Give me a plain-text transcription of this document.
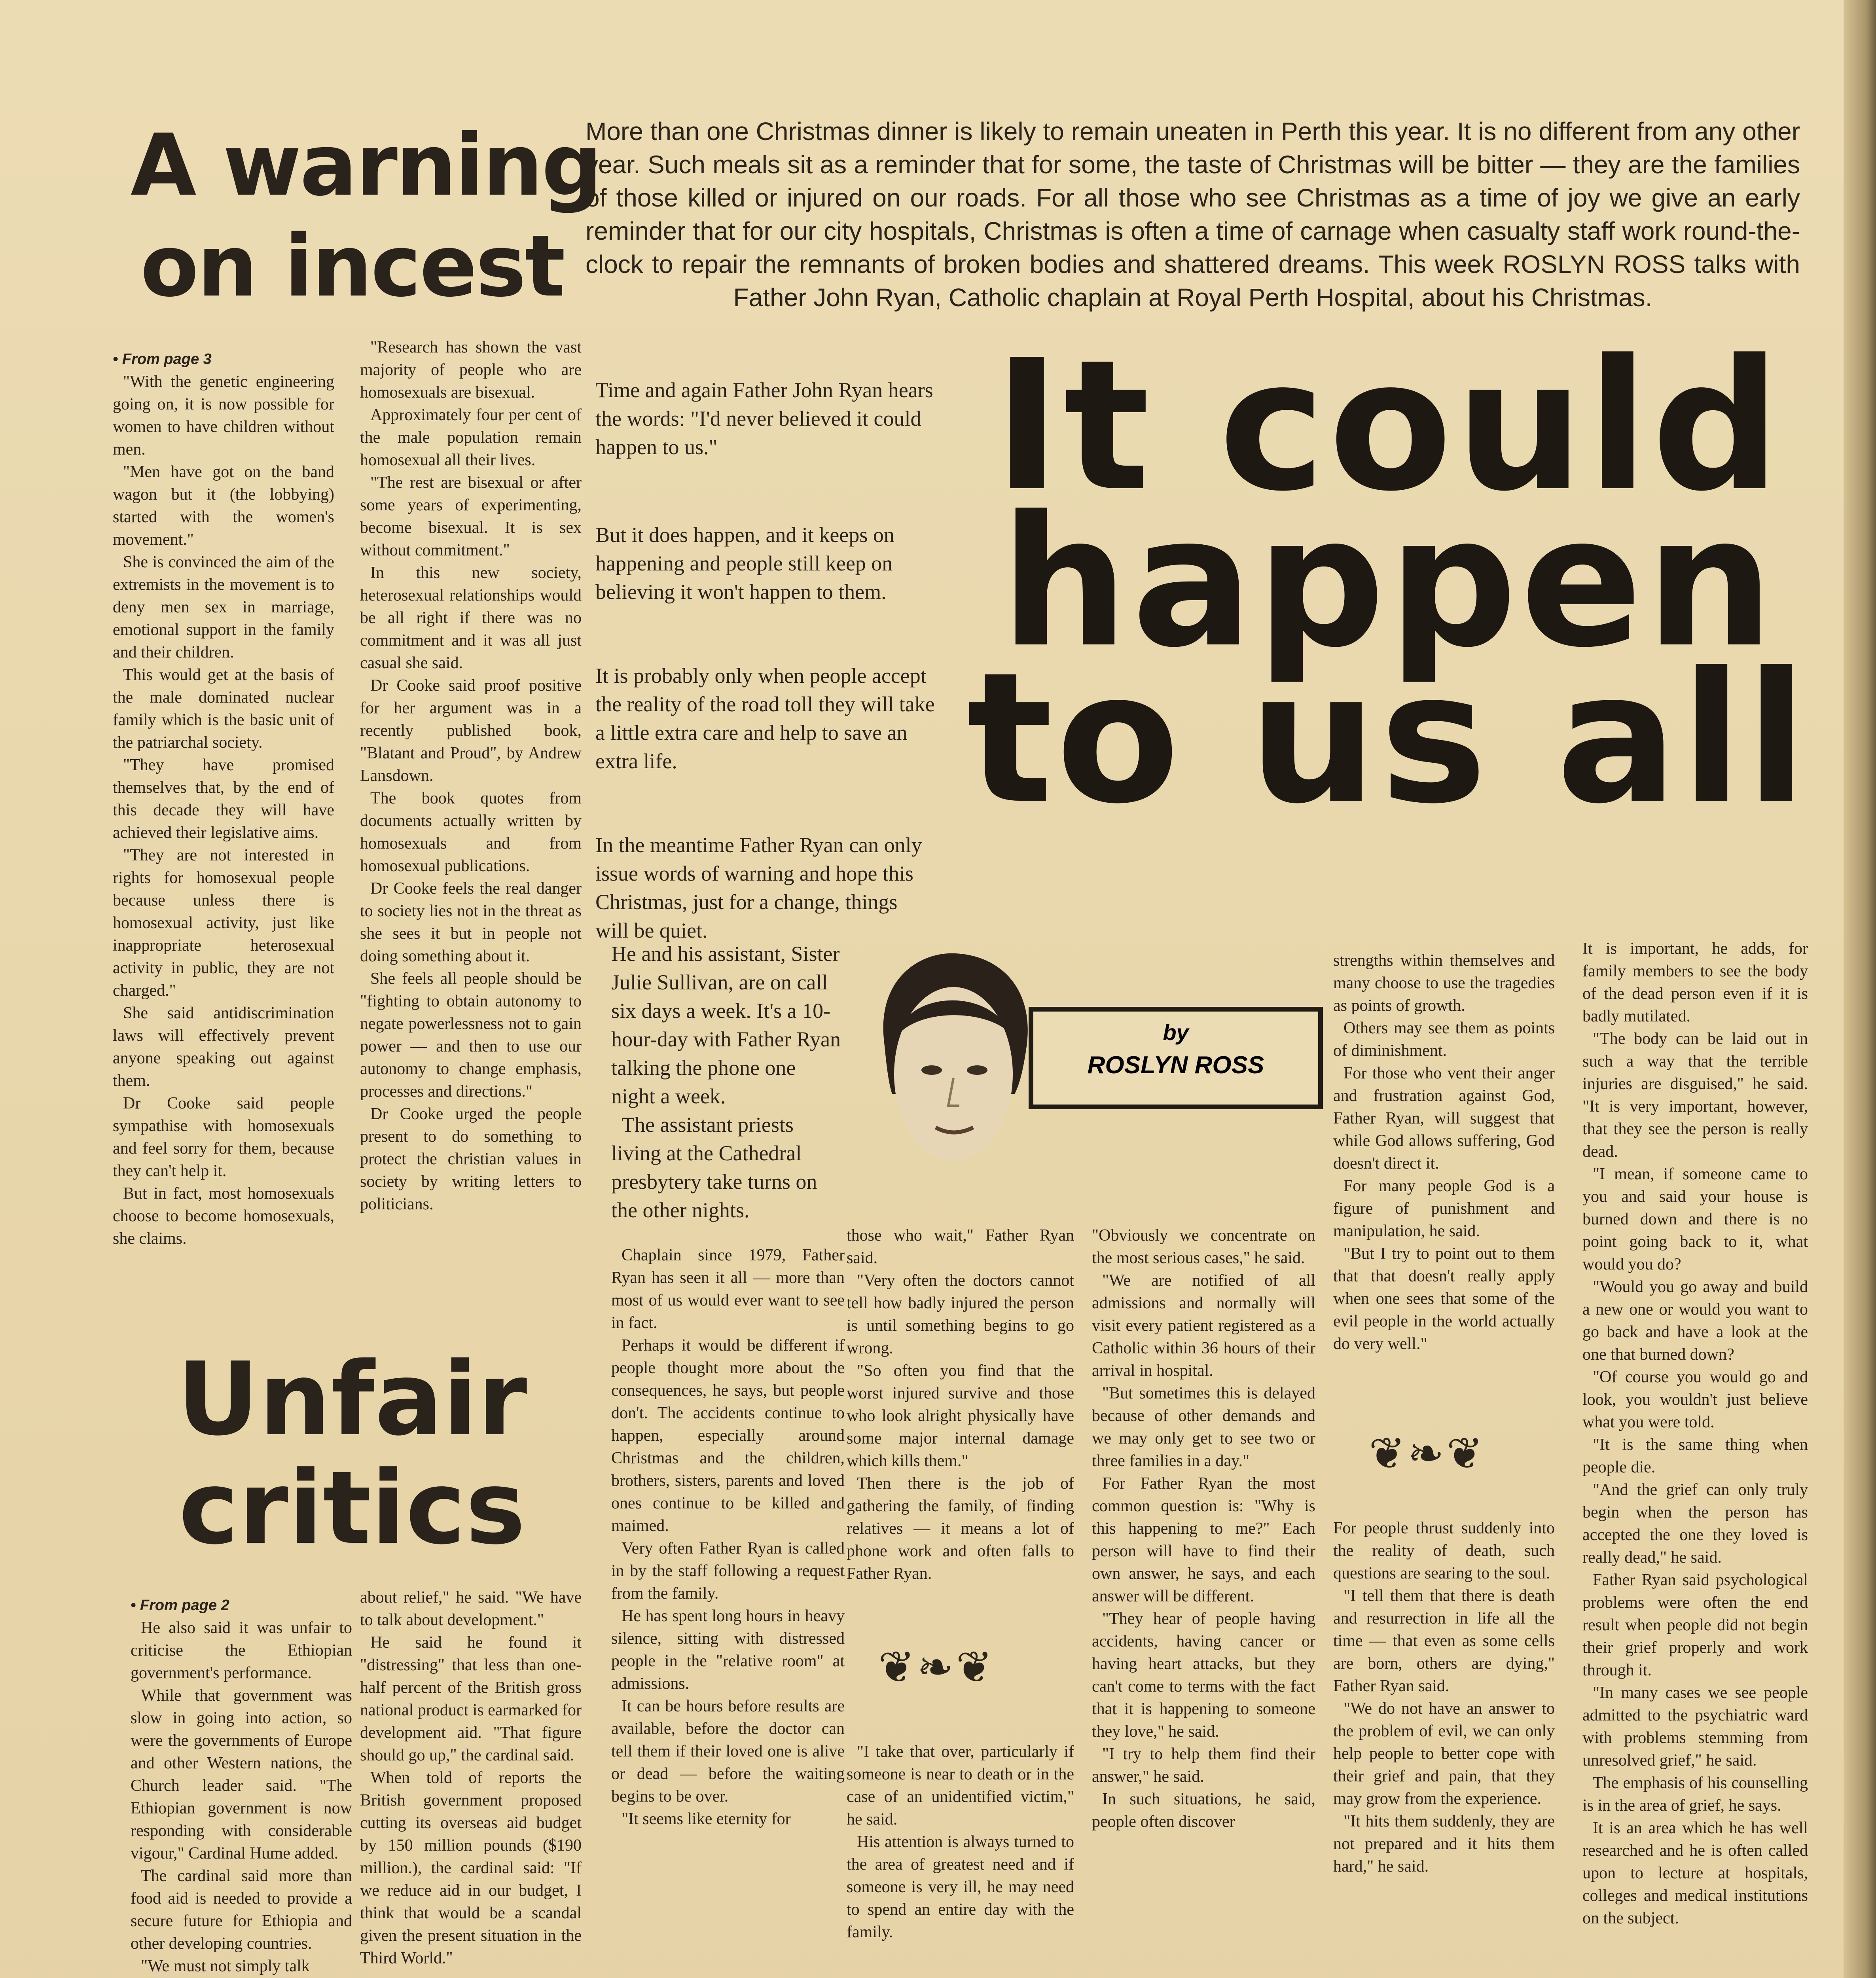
A warning
on incest

• From page 3

"With the genetic engineering going on, it is now possible for women to have children without men.

"Men have got on the band wagon but it (the lobbying) started with the women's movement."

She is convinced the aim of the extremists in the movement is to deny men sex in marriage, emotional support in the family and their children.

This would get at the basis of the male dominated nuclear family which is the basic unit of the patriarchal society.

"They have promised themselves that, by the end of this decade they will have achieved their legislative aims.

"They are not interested in rights for homosexual people because unless there is homosexual activity, just like inappropriate heterosexual activity in public, they are not charged."

She said antidiscrimination laws will effectively prevent anyone speaking out against them.

Dr Cooke said people sympathise with homosexuals and feel sorry for them, because they can't help it.

But in fact, most homosexuals choose to become homosexuals, she claims.

"Research has shown the vast majority of people who are homosexuals are bisexual.

Approximately four per cent of the male population remain homosexual all their lives.

"The rest are bisexual or after some years of experimenting, become bisexual. It is sex without commitment."

In this new society, heterosexual relationships would be all right if there was no commitment and it was all just casual she said.

Dr Cooke said proof positive for her argument was in a recently published book, "Blatant and Proud", by Andrew Lansdown.

The book quotes from documents actually written by homosexuals and from homosexual publications.

Dr Cooke feels the real danger to society lies not in the threat as she sees it but in people not doing something about it.

She feels all people should be "fighting to obtain autonomy to negate powerlessness not to gain power — and then to use our autonomy to change emphasis, processes and directions."

Dr Cooke urged the people present to do something to protect the christian values in society by writing letters to politicians.

Unfair
critics

• From page 2

He also said it was unfair to criticise the Ethiopian government's performance.

While that government was slow in going into action, so were the governments of Europe and other Western nations, the Church leader said. "The Ethiopian government is now responding with considerable vigour," Cardinal Hume added.

The cardinal said more than food aid is needed to provide a secure future for Ethiopia and other developing countries.

"We must not simply talk

about relief," he said. "We have to talk about development."

He said he found it "distressing" that less than one-half percent of the British gross national product is earmarked for development aid. "That figure should go up," the cardinal said.

When told of reports the British government proposed cutting its overseas aid budget by 150 million pounds ($190 million.), the cardinal said: "If we reduce aid in our budget, I think that would be a scandal given the present situation in the Third World."

More than one Christmas dinner is likely to remain uneaten in Perth this year. It is no different from any other year. Such meals sit as a reminder that for some, the taste of Christmas will be bitter — they are the families of those killed or injured on our roads. For all those who see Christmas as a time of joy we give an early reminder that for our city hospitals, Christmas is often a time of carnage when casualty staff work round-the-clock to repair the remnants of broken bodies and shattered dreams. This week ROSLYN ROSS talks with Father John Ryan, Catholic chaplain at Royal Perth Hospital, about his Christmas.
It could
happen
to us all

Time and again Father John Ryan hears the words: "I'd never believed it could happen to us."

But it does happen, and it keeps on happening and people still keep on believing it won't happen to them.

It is probably only when people accept the reality of the road toll they will take a little extra care and help to save an extra life.

In the meantime Father Ryan can only issue words of warning and hope this Christmas, just for a change, things will be quiet.

by
ROSLYN ROSS

He and his assistant, Sister Julie Sullivan, are on call six days a week. It's a 10-hour-day with Father Ryan talking the phone one night a week.

The assistant priests living at the Cathedral presbytery take turns on the other nights.

Chaplain since 1979, Father Ryan has seen it all — more than most of us would ever want to see in fact.

Perhaps it would be different if people thought more about the consequences, he says, but people don't. The accidents continue to happen, especially around Christmas and the children, brothers, sisters, parents and loved ones continue to be killed and maimed.

Very often Father Ryan is called in by the staff following a request from the family.

He has spent long hours in heavy silence, sitting with distressed people in the "relative room" at admissions.

It can be hours before results are available, before the doctor can tell them if their loved one is alive or dead — before the waiting begins to be over.

"It seems like eternity for

those who wait," Father Ryan said.

"Very often the doctors cannot tell how badly injured the person is until something begins to go wrong.

"So often you find that the worst injured survive and those who look alright physically have some major internal damage which kills them."

Then there is the job of gathering the family, of finding relatives — it means a lot of phone work and often falls to Father Ryan.

❦❧❦

"I take that over, particularly if someone is near to death or in the case of an unidentified victim," he said.

His attention is always turned to the area of greatest need and if someone is very ill, he may need to spend an entire day with the family.

"Obviously we concentrate on the most serious cases," he said.

"We are notified of all admissions and normally will visit every patient registered as a Catholic within 36 hours of their arrival in hospital.

"But sometimes this is delayed because of other demands and we may only get to see two or three families in a day."

For Father Ryan the most common question is: "Why is this happening to me?" Each person will have to find their own answer, he says, and each answer will be different.

"They hear of people having accidents, having cancer or having heart attacks, but they can't come to terms with the fact that it is happening to someone they love," he said.

"I try to help them find their answer," he said.

In such situations, he said, people often discover

strengths within themselves and many choose to use the tragedies as points of growth.

Others may see them as points of diminishment.

For those who vent their anger and frustration against God, Father Ryan, will suggest that while God allows suffering, God doesn't direct it.

For many people God is a figure of punishment and manipulation, he said.

"But I try to point out to them that that doesn't really apply when one sees that some of the evil people in the world actually do very well."

❦❧❦

For people thrust suddenly into the reality of death, such questions are searing to the soul.

"I tell them that there is death and resurrection in life all the time — that even as some cells are born, others are dying," Father Ryan said.

"We do not have an answer to the problem of evil, we can only help people to better cope with their grief and pain, that they may grow from the experience.

"It hits them suddenly, they are not prepared and it hits them hard," he said.

It is important, he adds, for family members to see the body of the dead person even if it is badly mutilated.

"The body can be laid out in such a way that the terrible injuries are disguised," he said. "It is very important, however, that they see the person is really dead.

"I mean, if someone came to you and said your house is burned down and there is no point going back to it, what would you do?

"Would you go away and build a new one or would you want to go back and have a look at the one that burned down?

"Of course you would go and look, you wouldn't just believe what you were told.

"It is the same thing when people die.

"And the grief can only truly begin when the person has accepted the one they loved is really dead," he said.

Father Ryan said psychological problems were often the end result when people did not begin their grief properly and work through it.

"In many cases we see people admitted to the psychiatric ward with problems stemming from unresolved grief," he said.

The emphasis of his counselling is in the area of grief, he says.

It is an area which he has well researched and he is often called upon to lecture at hospitals, colleges and medical institutions on the subject.
